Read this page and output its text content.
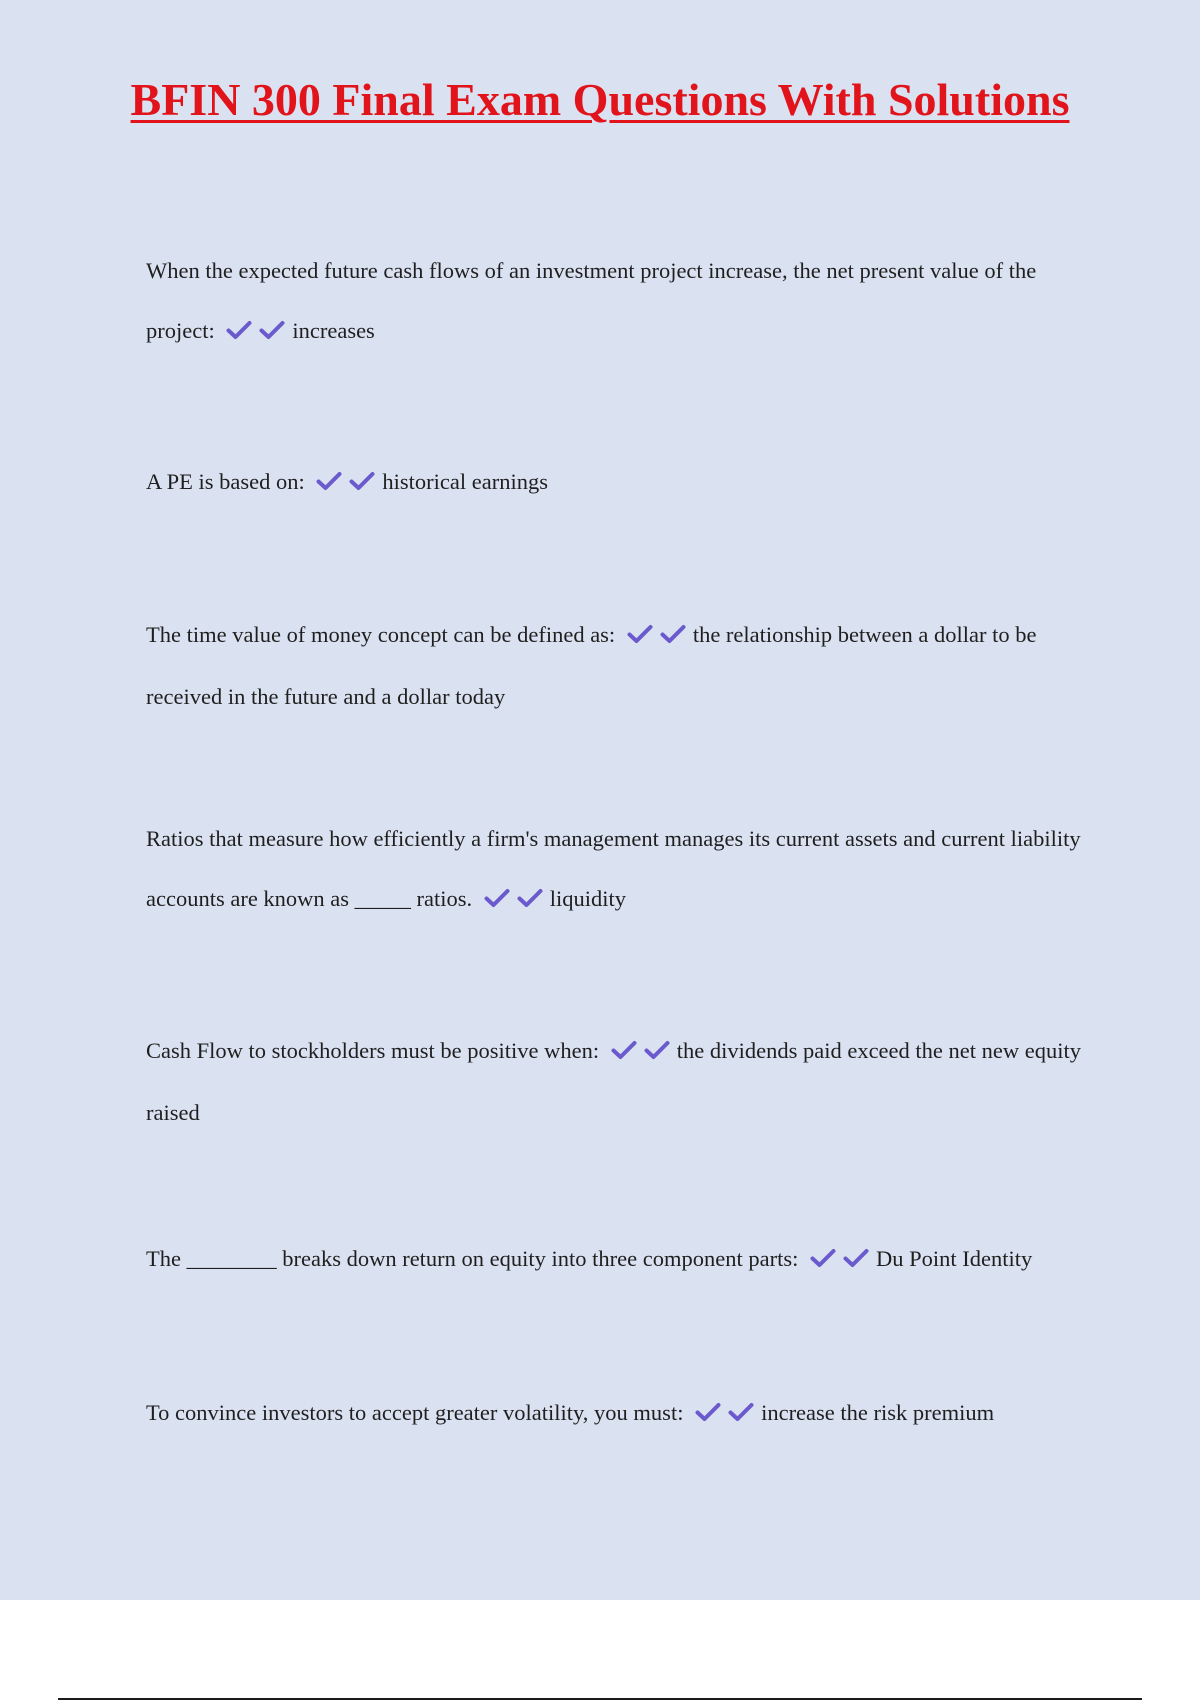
BFIN 300 Final Exam Questions With Solutions

When the expected future cash flows of an investment project increase, the net present value of the project:	increases

A PE is based on:	historical earnings

The time value of money concept can be defined as:	the relationship between a dollar to be received in the future and a dollar today

Ratios that measure how efficiently a firm's management manages its current assets and current liability accounts are known as _____ ratios.	liquidity

Cash Flow to stockholders must be positive when:	the dividends paid exceed the net new equity raised

The ________ breaks down return on equity into three component parts:	Du Point Identity

To convince investors to accept greater volatility, you must:	increase the risk premium
